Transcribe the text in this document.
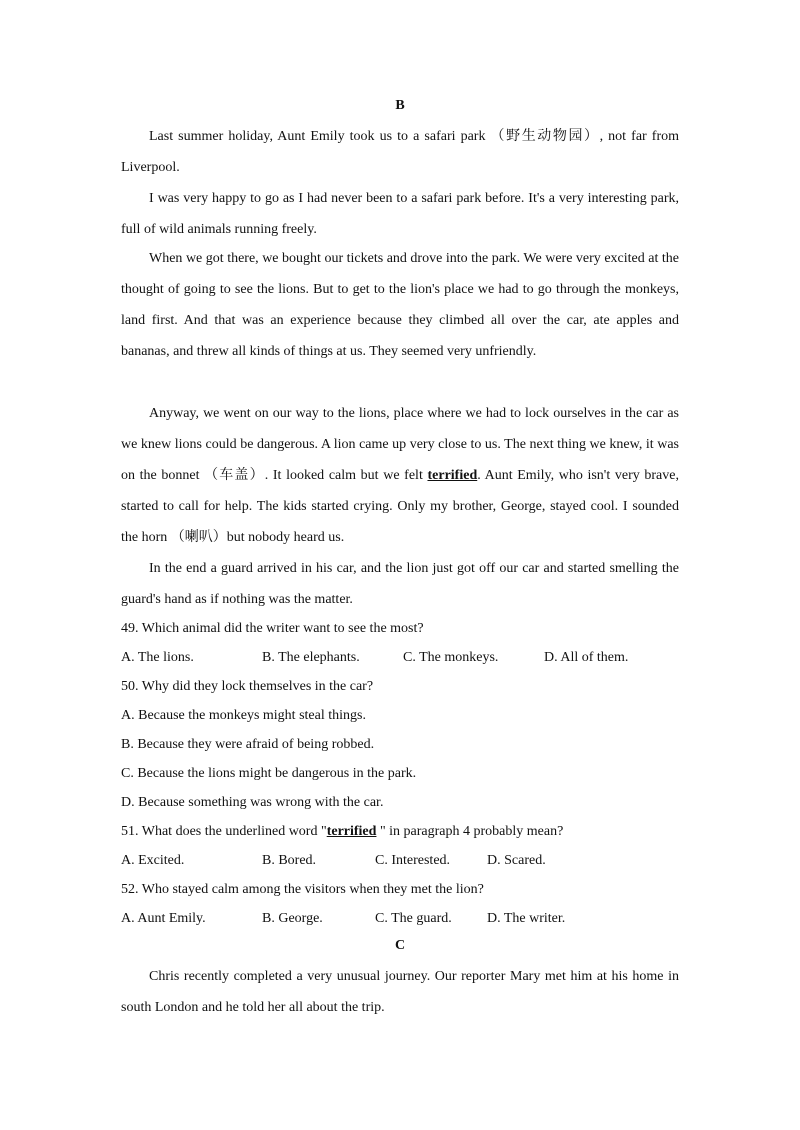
B
Last summer holiday, Aunt Emily took us to a safari park （野生动物园）, not far from Liverpool.
I was very happy to go as I had never been to a safari park before. It's a very interesting park, full of wild animals running freely.
When we got there, we bought our tickets and drove into the park. We were very excited at the thought of going to see the lions. But to get to the lion's place we had to go through the monkeys, land first. And that was an experience because they climbed all over the car, ate apples and bananas, and threw all kinds of things at us. They seemed very unfriendly.
Anyway, we went on our way to the lions, place where we had to lock ourselves in the car as we knew lions could be dangerous. A lion came up very close to us. The next thing we knew, it was on the bonnet （车盖）. It looked calm but we felt terrified. Aunt Emily, who isn't very brave, started to call for help. The kids started crying. Only my brother, George, stayed cool. I sounded the horn （喇叭）but nobody heard us.
In the end a guard arrived in his car, and the lion just got off our car and started smelling the guard's hand as if nothing was the matter.
49. Which animal did the writer want to see the most?
A. The lions.	B. The elephants.	C. The monkeys.	D. All of them.
50. Why did they lock themselves in the car?
A. Because the monkeys might steal things.
B. Because they were afraid of being robbed.
C. Because the lions might be dangerous in the park.
D. Because something was wrong with the car.
51. What does the underlined word "terrified " in paragraph 4 probably mean?
A. Excited.	B. Bored.	C. Interested.	D. Scared.
52. Who stayed calm among the visitors when they met the lion?
A. Aunt Emily.	B. George.	C. The guard.	D. The writer.
C
Chris recently completed a very unusual journey. Our reporter Mary met him at his home in south London and he told her all about the trip.
